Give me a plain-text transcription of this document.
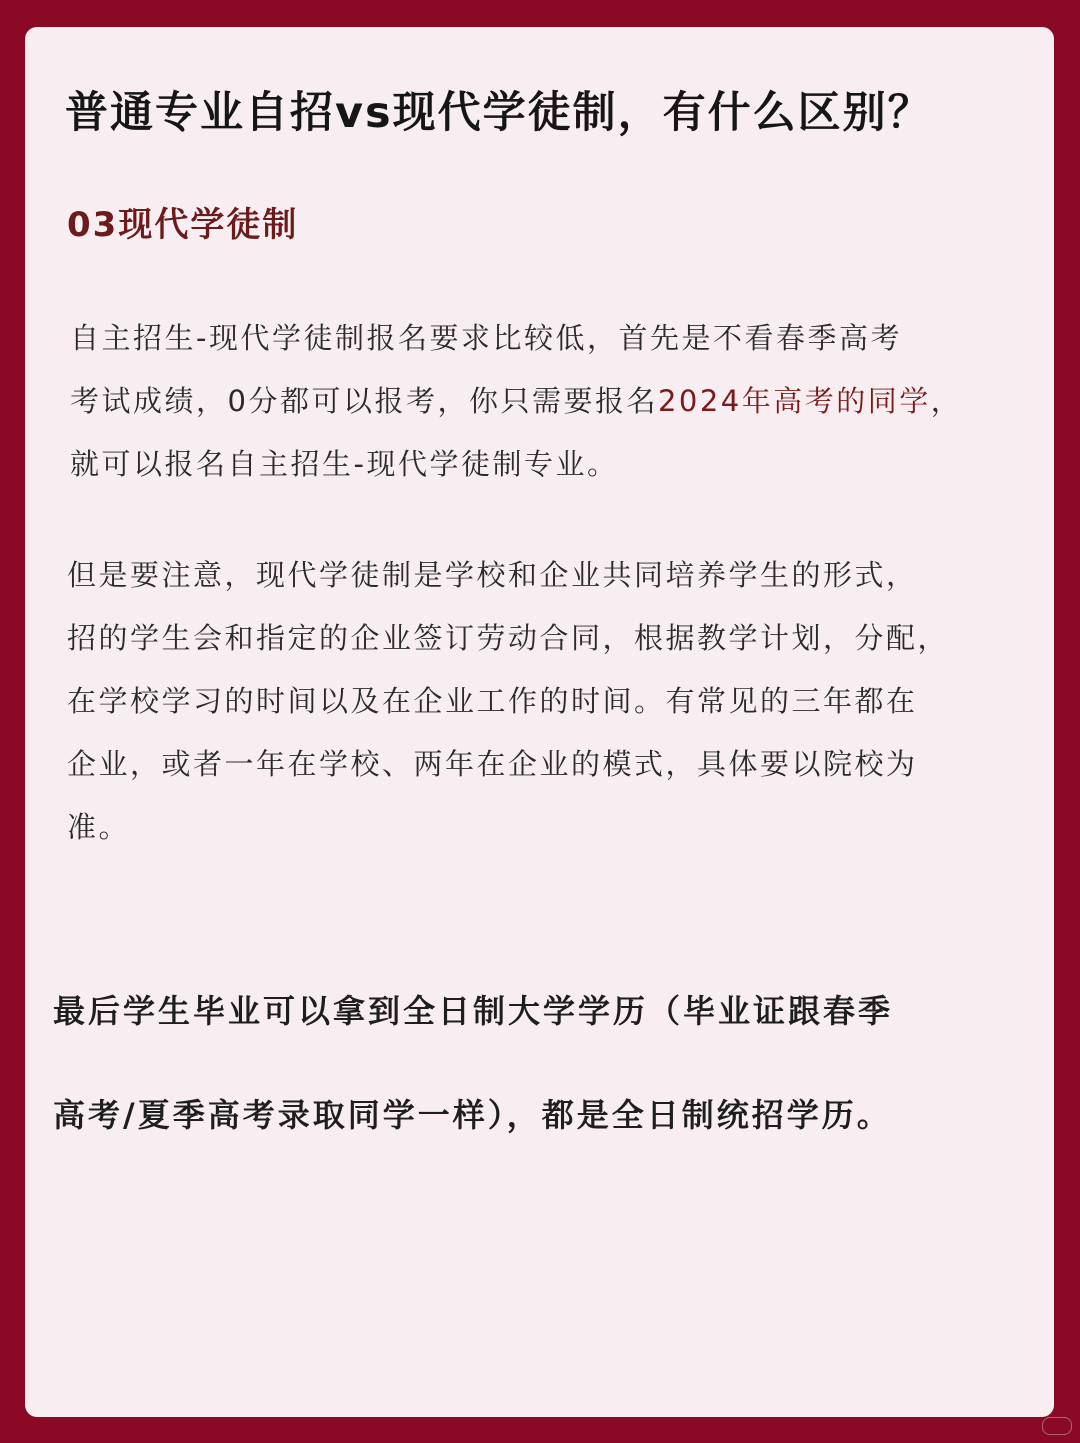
普通专业自招vs现代学徒制，有什么区别？
03现代学徒制
自主招生-现代学徒制报名要求比较低，首先是不看春季高考
考试成绩，0分都可以报考，你只需要报名2024年高考的同学，
就可以报名自主招生-现代学徒制专业。
但是要注意，现代学徒制是学校和企业共同培养学生的形式，
招的学生会和指定的企业签订劳动合同，根据教学计划，分配，
在学校学习的时间以及在企业工作的时间。有常见的三年都在
企业，或者一年在学校、两年在企业的模式，具体要以院校为
准。
最后学生毕业可以拿到全日制大学学历（毕业证跟春季
高考/夏季高考录取同学一样），都是全日制统招学历。
